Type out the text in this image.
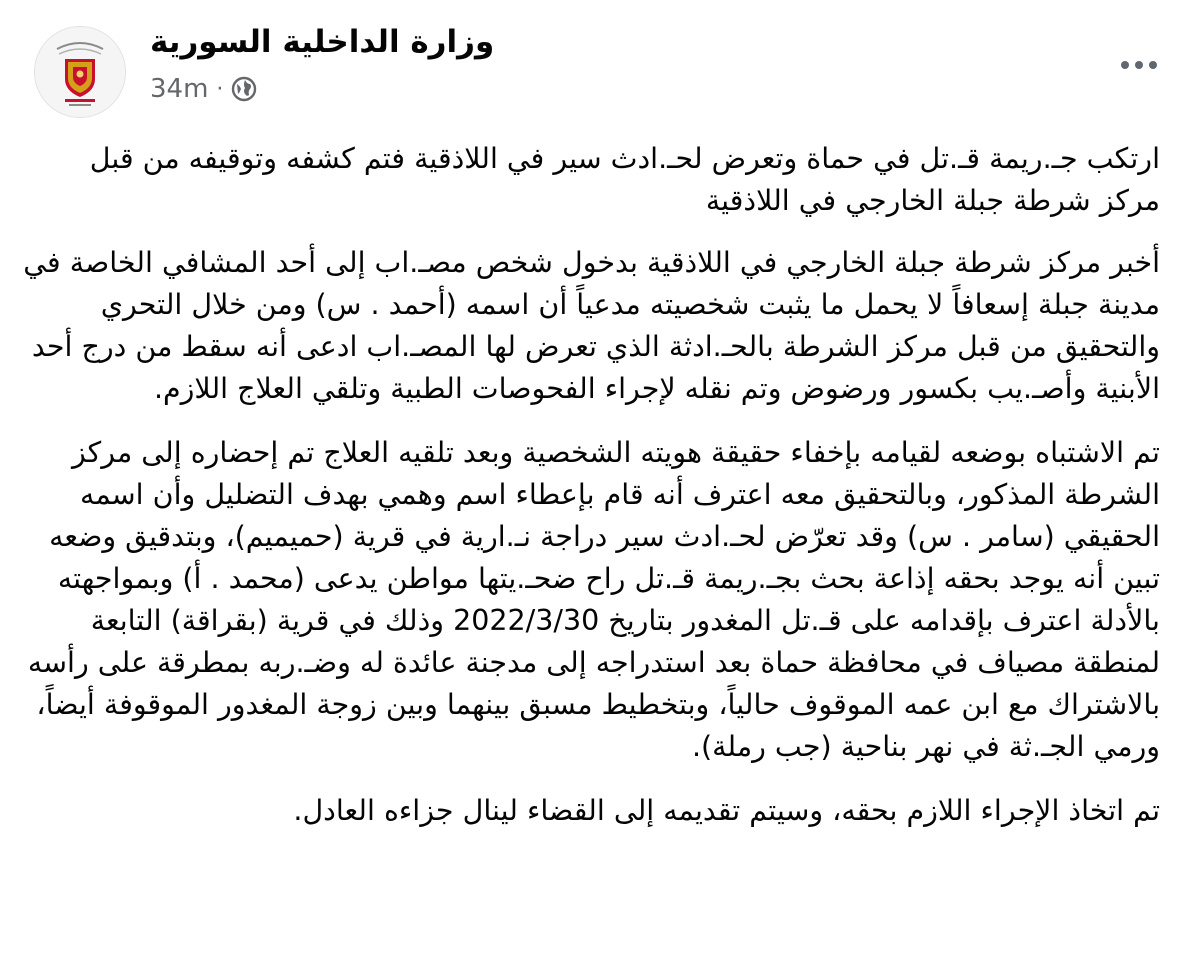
وزارة الداخلية السورية
34m ·

ارتكب جـ.ريمة قـ.تل في حماة وتعرض لحـ.ادث سير في اللاذقية فتم كشفه وتوقيفه من قبل مركز شرطة جبلة الخارجي في اللاذقية

أخبر مركز شرطة جبلة الخارجي في اللاذقية بدخول شخص مصـ.اب إلى أحد المشافي الخاصة في مدينة جبلة إسعافاً لا يحمل ما يثبت شخصيته مدعياً أن اسمه (أحمد . س) ومن خلال التحري والتحقيق من قبل مركز الشرطة بالحـ.ادثة الذي تعرض لها المصـ.اب ادعى أنه سقط من درج أحد الأبنية وأصـ.يب بكسور ورضوض وتم نقله لإجراء الفحوصات الطبية وتلقي العلاج اللازم.

تم الاشتباه بوضعه لقيامه بإخفاء حقيقة هويته الشخصية وبعد تلقيه العلاج تم إحضاره إلى مركز الشرطة المذكور، وبالتحقيق معه اعترف أنه قام بإعطاء اسم وهمي بهدف التضليل وأن اسمه الحقيقي (سامر . س) وقد تعرّض لحـ.ادث سير دراجة نـ.ارية في قرية (حميميم)، وبتدقيق وضعه تبين أنه يوجد بحقه إذاعة بحث بجـ.ريمة قـ.تل راح ضحـ.يتها مواطن يدعى (محمد . أ) وبمواجهته بالأدلة اعترف بإقدامه على قـ.تل المغدور بتاريخ 2022/3/30 وذلك في قرية (بقراقة) التابعة لمنطقة مصياف في محافظة حماة بعد استدراجه إلى مدجنة عائدة له وضـ.ربه بمطرقة على رأسه بالاشتراك مع ابن عمه الموقوف حالياً، وبتخطيط مسبق بينهما وبين زوجة المغدور الموقوفة أيضاً، ورمي الجـ.ثة في نهر بناحية (جب رملة).

تم اتخاذ الإجراء اللازم بحقه، وسيتم تقديمه إلى القضاء لينال جزاءه العادل.
